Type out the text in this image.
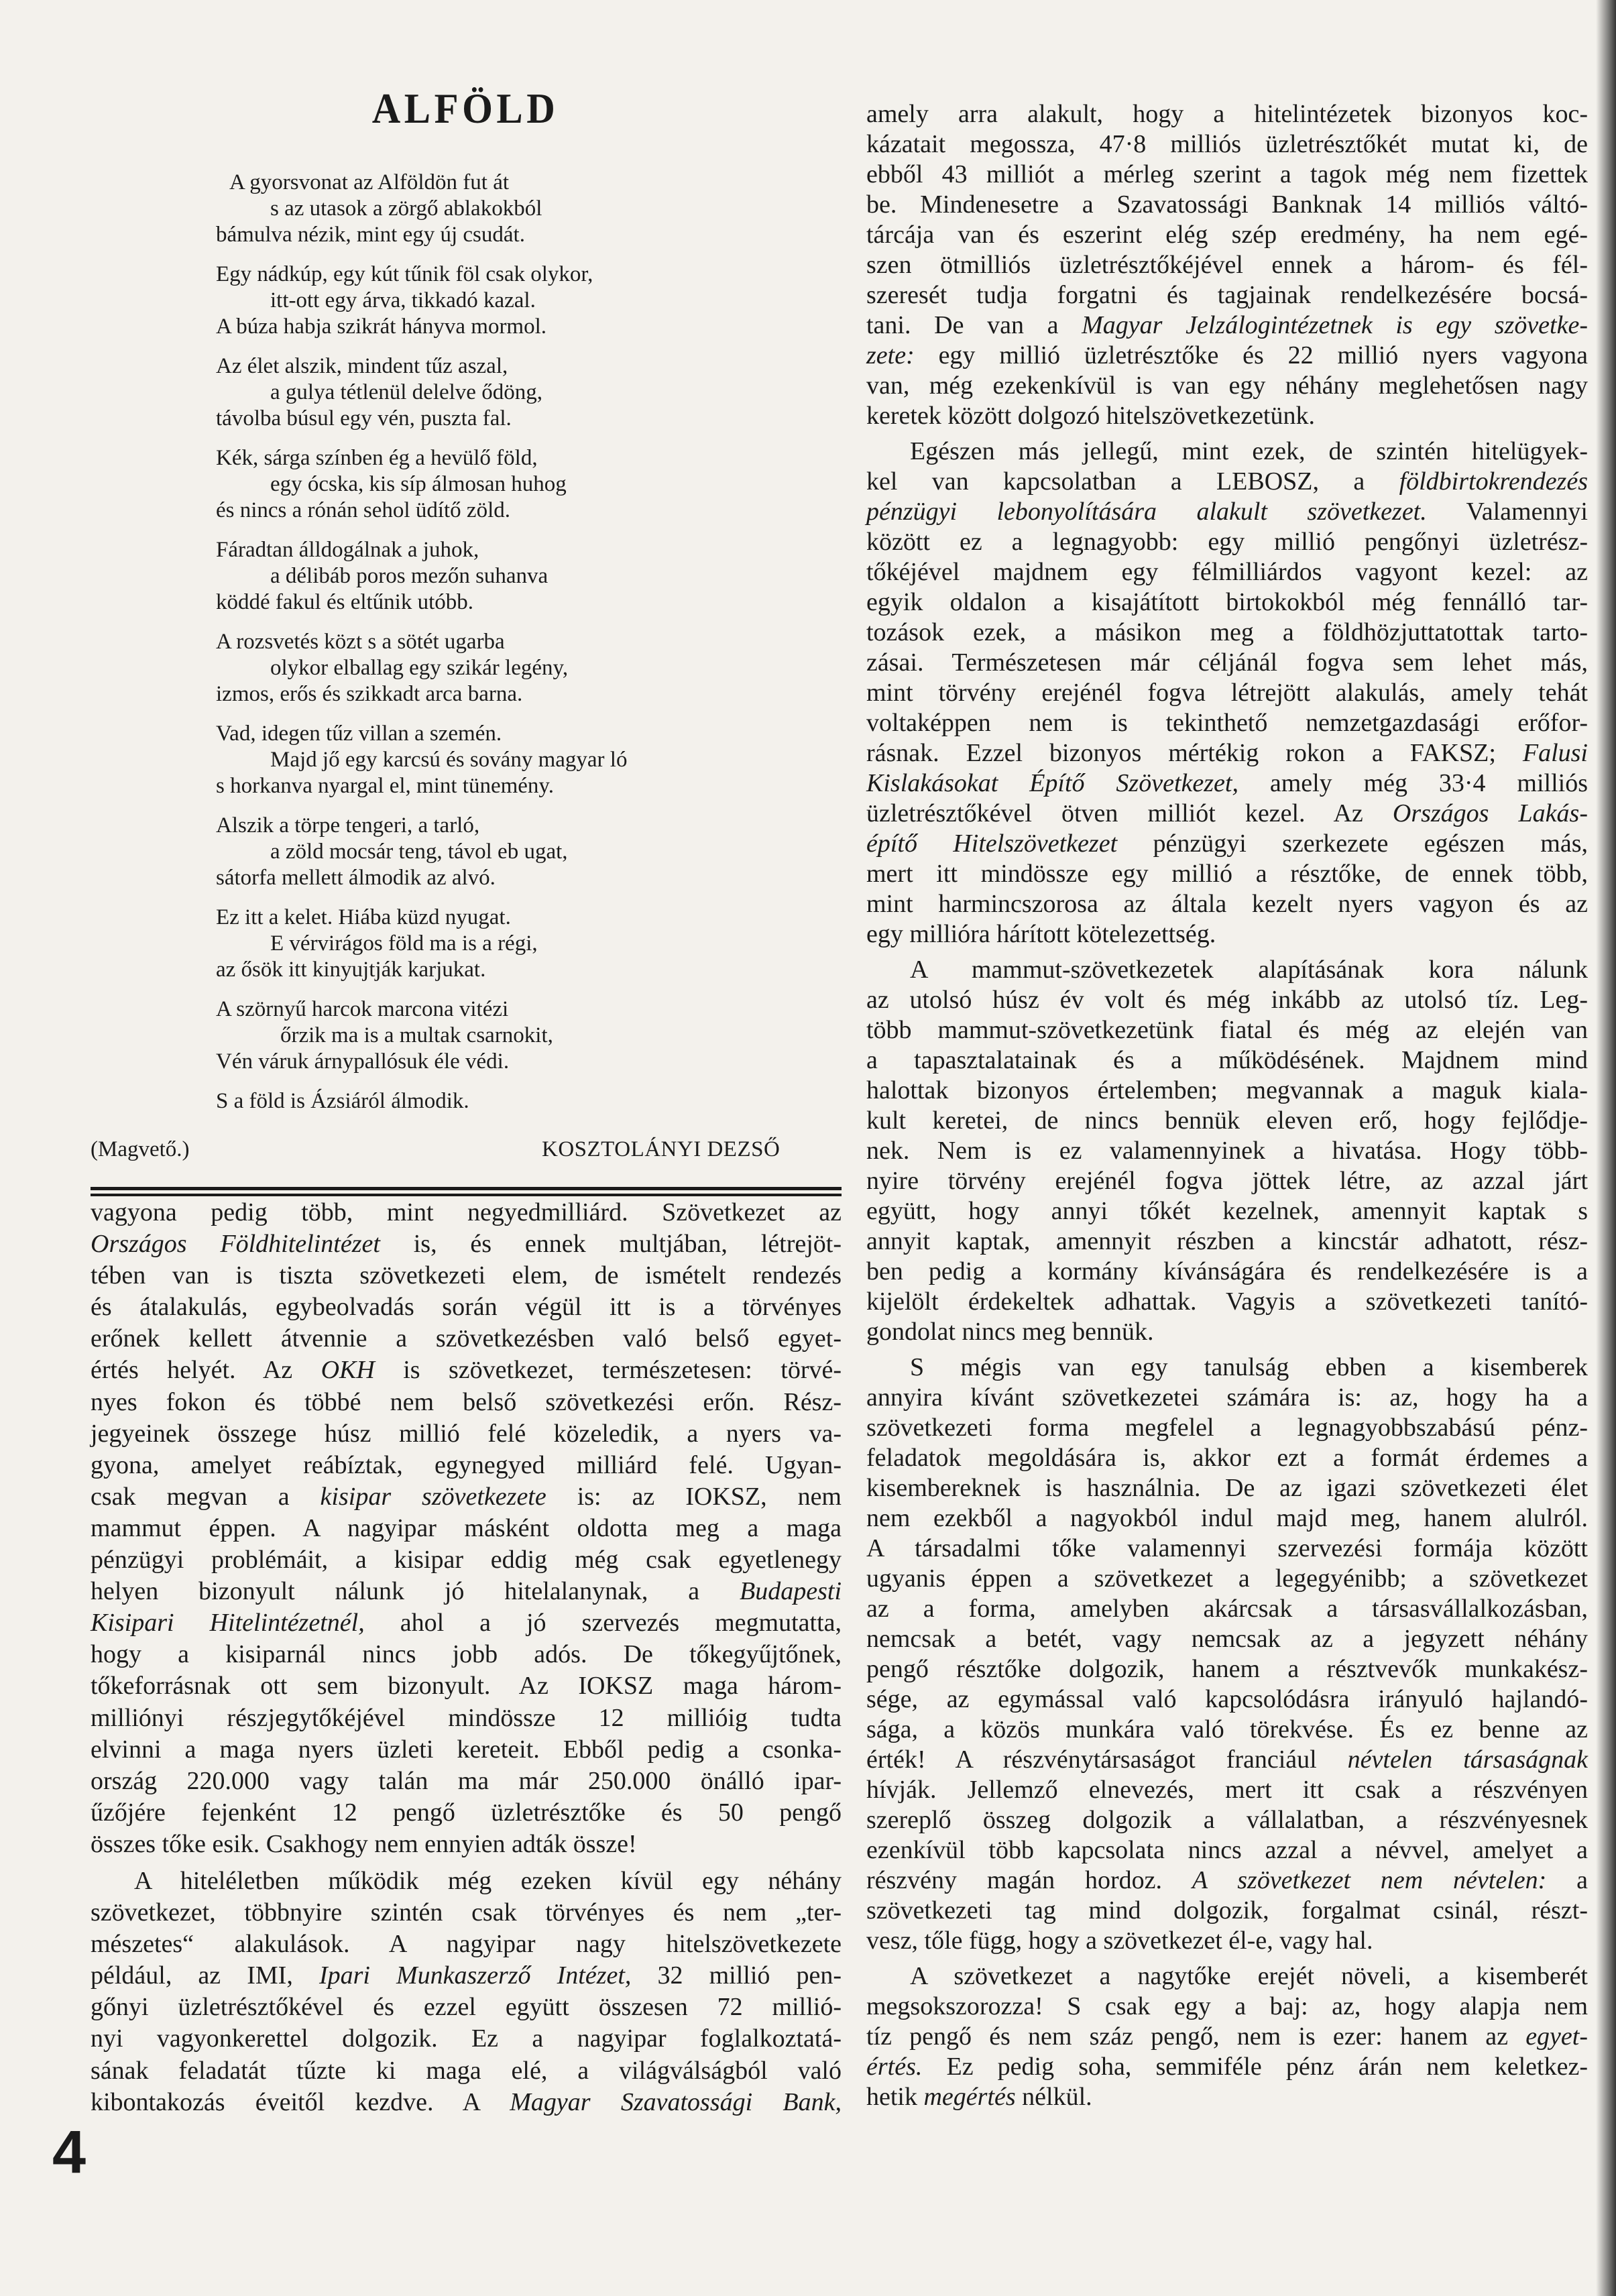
ALFÖLD
A gyorsvonat az Alföldön fut át
s az utasok a zörgő ablakokból
bámulva nézik, mint egy új csudát.
Egy nádkúp, egy kút tűnik föl csak olykor,
itt-ott egy árva, tikkadó kazal.
A búza habja szikrát hányva mormol.
Az élet alszik, mindent tűz aszal,
a gulya tétlenül delelve ődöng,
távolba búsul egy vén, puszta fal.
Kék, sárga színben ég a hevülő föld,
egy ócska, kis síp álmosan huhog
és nincs a rónán sehol üdítő zöld.
Fáradtan álldogálnak a juhok,
a délibáb poros mezőn suhanva
köddé fakul és eltűnik utóbb.
A rozsvetés közt s a sötét ugarba
olykor elballag egy szikár legény,
izmos, erős és szikkadt arca barna.
Vad, idegen tűz villan a szemén.
Majd jő egy karcsú és sovány magyar ló
s horkanva nyargal el, mint tünemény.
Alszik a törpe tengeri, a tarló,
a zöld mocsár teng, távol eb ugat,
sátorfa mellett álmodik az alvó.
Ez itt a kelet. Hiába küzd nyugat.
E vérvirágos föld ma is a régi,
az ősök itt kinyujtják karjukat.
A szörnyű harcok marcona vitézi
őrzik ma is a multak csarnokit,
Vén váruk árnypallósuk éle védi.
S a föld is Ázsiáról álmodik.
(Magvető.)	KOSZTOLÁNYI DEZSŐ
vagyona pedig több, mint negyedmilliárd. Szövetkezet az
Országos Földhitelintézet is, és ennek multjában, létrejöt-
tében van is tiszta szövetkezeti elem, de ismételt rendezés
és átalakulás, egybeolvadás során végül itt is a törvényes
erőnek kellett átvennie a szövetkezésben való belső egyet-
értés helyét. Az OKH is szövetkezet, természetesen: törvé-
nyes fokon és többé nem belső szövetkezési erőn. Rész-
jegyeinek összege húsz millió felé közeledik, a nyers va-
gyona, amelyet reábíztak, egynegyed milliárd felé. Ugyan-
csak megvan a kisipar szövetkezete is: az IOKSZ, nem
mammut éppen. A nagyipar másként oldotta meg a maga
pénzügyi problémáit, a kisipar eddig még csak egyetlenegy
helyen bizonyult nálunk jó hitelalanynak, a Budapesti
Kisipari Hitelintézetnél, ahol a jó szervezés megmutatta,
hogy a kisiparnál nincs jobb adós. De tőkegyűjtőnek,
tőkeforrásnak ott sem bizonyult. Az IOKSZ maga három-
milliónyi részjegytőkéjével mindössze 12 millióig tudta
elvinni a maga nyers üzleti kereteit. Ebből pedig a csonka-
ország 220.000 vagy talán ma már 250.000 önálló ipar-
űzőjére fejenként 12 pengő üzletrésztőke és 50 pengő
összes tőke esik. Csakhogy nem ennyien adták össze!
A hiteléletben működik még ezeken kívül egy néhány
szövetkezet, többnyire szintén csak törvényes és nem „ter-
mészetes“ alakulások. A nagyipar nagy hitelszövetkezete
például, az IMI, Ipari Munkaszerző Intézet, 32 millió pen-
gőnyi üzletrésztőkével és ezzel együtt összesen 72 millió-
nyi vagyonkerettel dolgozik. Ez a nagyipar foglalkoztatá-
sának feladatát tűzte ki maga elé, a világválságból való
kibontakozás éveitől kezdve. A Magyar Szavatossági Bank,
amely arra alakult, hogy a hitelintézetek bizonyos koc-
kázatait megossza, 47·8 milliós üzletrésztőkét mutat ki, de
ebből 43 milliót a mérleg szerint a tagok még nem fizettek
be. Mindenesetre a Szavatossági Banknak 14 milliós váltó-
tárcája van és eszerint elég szép eredmény, ha nem egé-
szen ötmilliós üzletrésztőkéjével ennek a három- és fél-
szeresét tudja forgatni és tagjainak rendelkezésére bocsá-
tani. De van a Magyar Jelzálogintézetnek is egy szövetke-
zete: egy millió üzletrésztőke és 22 millió nyers vagyona
van, még ezekenkívül is van egy néhány meglehetősen nagy
keretek között dolgozó hitelszövetkezetünk.
Egészen más jellegű, mint ezek, de szintén hitelügyek-
kel van kapcsolatban a LEBOSZ, a földbirtokrendezés
pénzügyi lebonyolítására alakult szövetkezet. Valamennyi
között ez a legnagyobb: egy millió pengőnyi üzletrész-
tőkéjével majdnem egy félmilliárdos vagyont kezel: az
egyik oldalon a kisajátított birtokokból még fennálló tar-
tozások ezek, a másikon meg a földhözjuttatottak tarto-
zásai. Természetesen már céljánál fogva sem lehet más,
mint törvény erejénél fogva létrejött alakulás, amely tehát
voltaképpen nem is tekinthető nemzetgazdasági erőfor-
rásnak. Ezzel bizonyos mértékig rokon a FAKSZ; Falusi
Kislakásokat Építő Szövetkezet, amely még 33·4 milliós
üzletrésztőkével ötven milliót kezel. Az Országos Lakás-
építő Hitelszövetkezet pénzügyi szerkezete egészen más,
mert itt mindössze egy millió a résztőke, de ennek több,
mint harmincszorosa az általa kezelt nyers vagyon és az
egy millióra hárított kötelezettség.
A mammut-szövetkezetek alapításának kora nálunk
az utolsó húsz év volt és még inkább az utolsó tíz. Leg-
több mammut-szövetkezetünk fiatal és még az elején van
a tapasztalatainak és a működésének. Majdnem mind
halottak bizonyos értelemben; megvannak a maguk kiala-
kult keretei, de nincs bennük eleven erő, hogy fejlődje-
nek. Nem is ez valamennyinek a hivatása. Hogy több-
nyire törvény erejénél fogva jöttek létre, az azzal járt
együtt, hogy annyi tőkét kezelnek, amennyit kaptak s
annyit kaptak, amennyit részben a kincstár adhatott, rész-
ben pedig a kormány kívánságára és rendelkezésére is a
kijelölt érdekeltek adhattak. Vagyis a szövetkezeti tanító-
gondolat nincs meg bennük.
S mégis van egy tanulság ebben a kisemberek
annyira kívánt szövetkezetei számára is: az, hogy ha a
szövetkezeti forma megfelel a legnagyobbszabású pénz-
feladatok megoldására is, akkor ezt a formát érdemes a
kisembereknek is használnia. De az igazi szövetkezeti élet
nem ezekből a nagyokból indul majd meg, hanem alulról.
A társadalmi tőke valamennyi szervezési formája között
ugyanis éppen a szövetkezet a legegyénibb; a szövetkezet
az a forma, amelyben akárcsak a társasvállalkozásban,
nemcsak a betét, vagy nemcsak az a jegyzett néhány
pengő résztőke dolgozik, hanem a résztvevők munkakész-
sége, az egymással való kapcsolódásra irányuló hajlandó-
sága, a közös munkára való törekvése. És ez benne az
érték! A részvénytársaságot franciául névtelen társaságnak
hívják. Jellemző elnevezés, mert itt csak a részvényen
szereplő összeg dolgozik a vállalatban, a részvényesnek
ezenkívül több kapcsolata nincs azzal a névvel, amelyet a
részvény magán hordoz. A szövetkezet nem névtelen: a
szövetkezeti tag mind dolgozik, forgalmat csinál, részt-
vesz, tőle függ, hogy a szövetkezet él-e, vagy hal.
A szövetkezet a nagytőke erejét növeli, a kisemberét
megsokszorozza! S csak egy a baj: az, hogy alapja nem
tíz pengő és nem száz pengő, nem is ezer: hanem az egyet-
értés. Ez pedig soha, semmiféle pénz árán nem keletkez-
hetik megértés nélkül.
4
